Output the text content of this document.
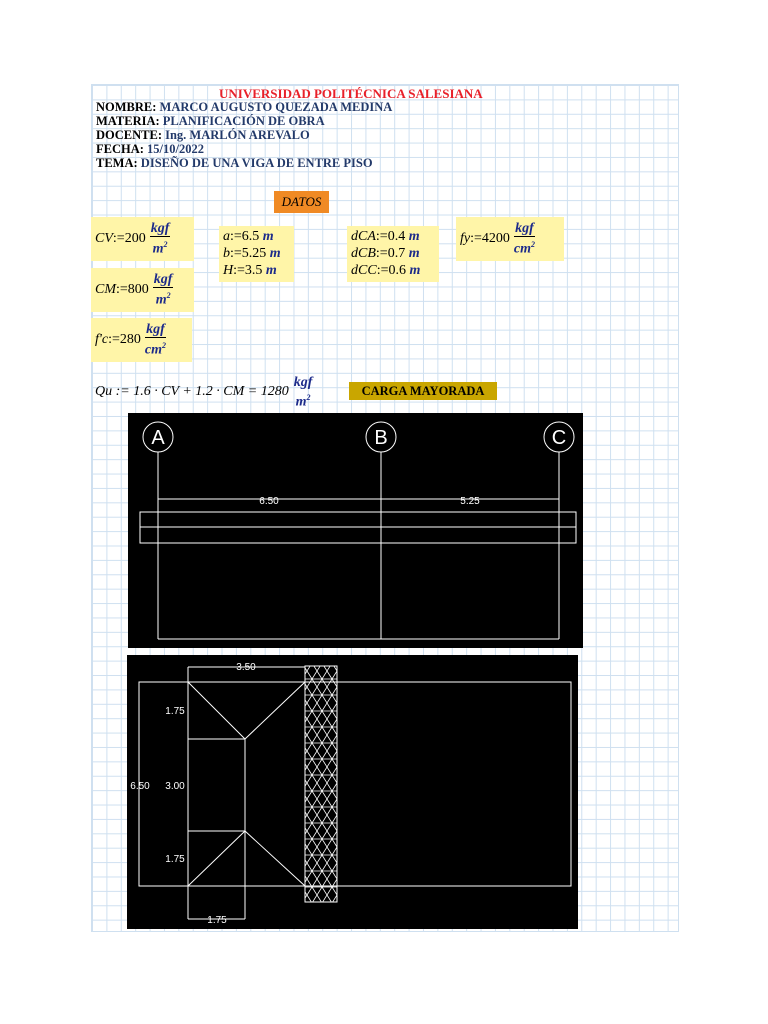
UNIVERSIDAD POLITÉCNICA SALESIANA
NOMBRE: MARCO AUGUSTO QUEZADA MEDINA
MATERIA: PLANIFICACIÓN DE OBRA
DOCENTE: Ing. MARLÓN AREVALO
FECHA: 15/10/2022
TEMA: DISEÑO DE UNA VIGA DE ENTRE PISO
DATOS
CV := $200 \frac{\text{kgf}}{m^2}$
CM := $800 \frac{\text{kgf}}{m^2}$
f'c := $280 \frac{\text{kgf}}{cm^2}$
a := 6.5
m
b := 5.25
m
H := 3.5
m
dCA := 0.4
m
dCB := 0.7
m
dCC := 0.6
m
fy := $4200 \frac{\text{kgf}}{cm^2}$
Qu := 1.6 · CV + 1.2 · CM = 1280
kgf
$m^2$	CARGA MAYORADA
A	B	C
6.50	5.25
3.50
6.50
1.75
3.00
1.75
1.75
